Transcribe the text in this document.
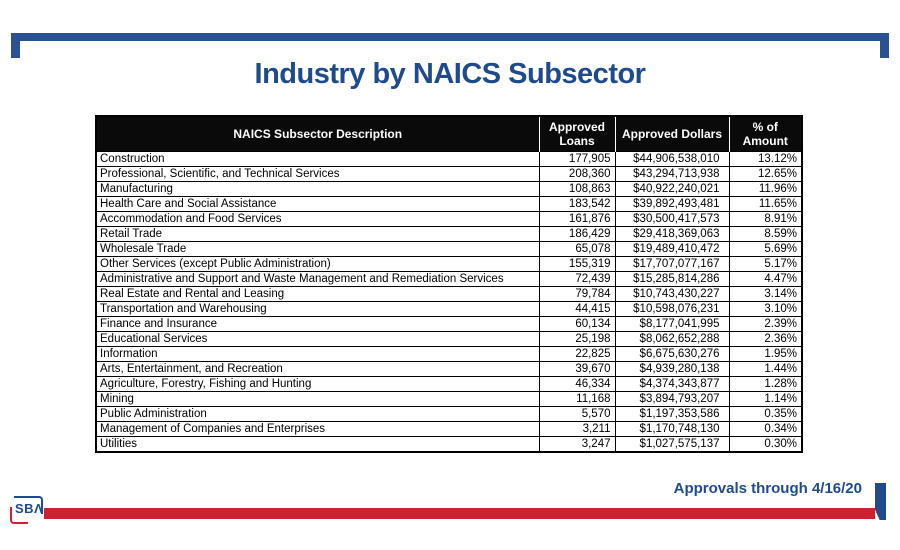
Industry by NAICS Subsector
NAICS Subsector Description	Approved Loans	Approved Dollars	% of Amount
Construction	177,905	$44,906,538,010	13.12%
Professional, Scientific, and Technical Services	208,360	$43,294,713,938	12.65%
Manufacturing	108,863	$40,922,240,021	11.96%
Health Care and Social Assistance	183,542	$39,892,493,481	11.65%
Accommodation and Food Services	161,876	$30,500,417,573	8.91%
Retail Trade	186,429	$29,418,369,063	8.59%
Wholesale Trade	65,078	$19,489,410,472	5.69%
Other Services (except Public Administration)	155,319	$17,707,077,167	5.17%
Administrative and Support and Waste Management and Remediation Services	72,439	$15,285,814,286	4.47%
Real Estate and Rental and Leasing	79,784	$10,743,430,227	3.14%
Transportation and Warehousing	44,415	$10,598,076,231	3.10%
Finance and Insurance	60,134	$8,177,041,995	2.39%
Educational Services	25,198	$8,062,652,288	2.36%
Information	22,825	$6,675,630,276	1.95%
Arts, Entertainment, and Recreation	39,670	$4,939,280,138	1.44%
Agriculture, Forestry, Fishing and Hunting	46,334	$4,374,343,877	1.28%
Mining	11,168	$3,894,793,207	1.14%
Public Administration	5,570	$1,197,353,586	0.35%
Management of Companies and Enterprises	3,211	$1,170,748,130	0.34%
Utilities	3,247	$1,027,575,137	0.30%
Approvals through 4/16/20
SBΛ
